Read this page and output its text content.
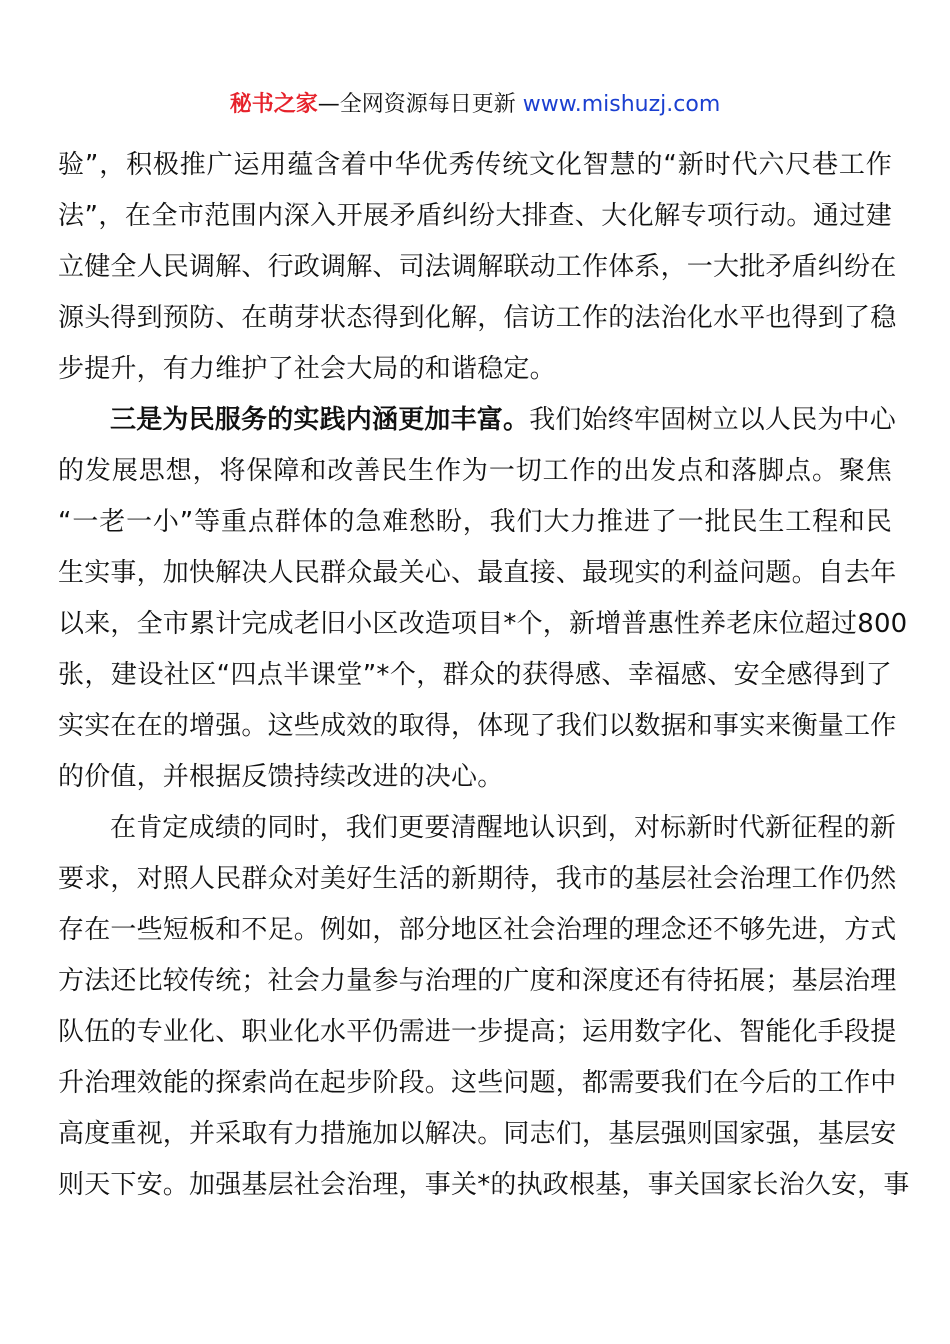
秘书之家—全网资源每日更新 www.mishuzj.com
验”，积极推广运用蕴含着中华优秀传统文化智慧的“新时代六尺巷工作
法”，在全市范围内深入开展矛盾纠纷大排查、大化解专项行动。通过建
立健全人民调解、行政调解、司法调解联动工作体系，一大批矛盾纠纷在
源头得到预防、在萌芽状态得到化解，信访工作的法治化水平也得到了稳
步提升，有力维护了社会大局的和谐稳定。
三是为民服务的实践内涵更加丰富。我们始终牢固树立以人民为中心
的发展思想，将保障和改善民生作为一切工作的出发点和落脚点。聚焦
“一老一小”等重点群体的急难愁盼，我们大力推进了一批民生工程和民
生实事，加快解决人民群众最关心、最直接、最现实的利益问题。自去年
以来，全市累计完成老旧小区改造项目*个，新增普惠性养老床位超过800
张，建设社区“四点半课堂”*个，群众的获得感、幸福感、安全感得到了
实实在在的增强。这些成效的取得，体现了我们以数据和事实来衡量工作
的价值，并根据反馈持续改进的决心。
在肯定成绩的同时，我们更要清醒地认识到，对标新时代新征程的新
要求，对照人民群众对美好生活的新期待，我市的基层社会治理工作仍然
存在一些短板和不足。例如，部分地区社会治理的理念还不够先进，方式
方法还比较传统；社会力量参与治理的广度和深度还有待拓展；基层治理
队伍的专业化、职业化水平仍需进一步提高；运用数字化、智能化手段提
升治理效能的探索尚在起步阶段。这些问题，都需要我们在今后的工作中
高度重视，并采取有力措施加以解决。同志们，基层强则国家强，基层安
则天下安。加强基层社会治理，事关*的执政根基，事关国家长治久安，事
